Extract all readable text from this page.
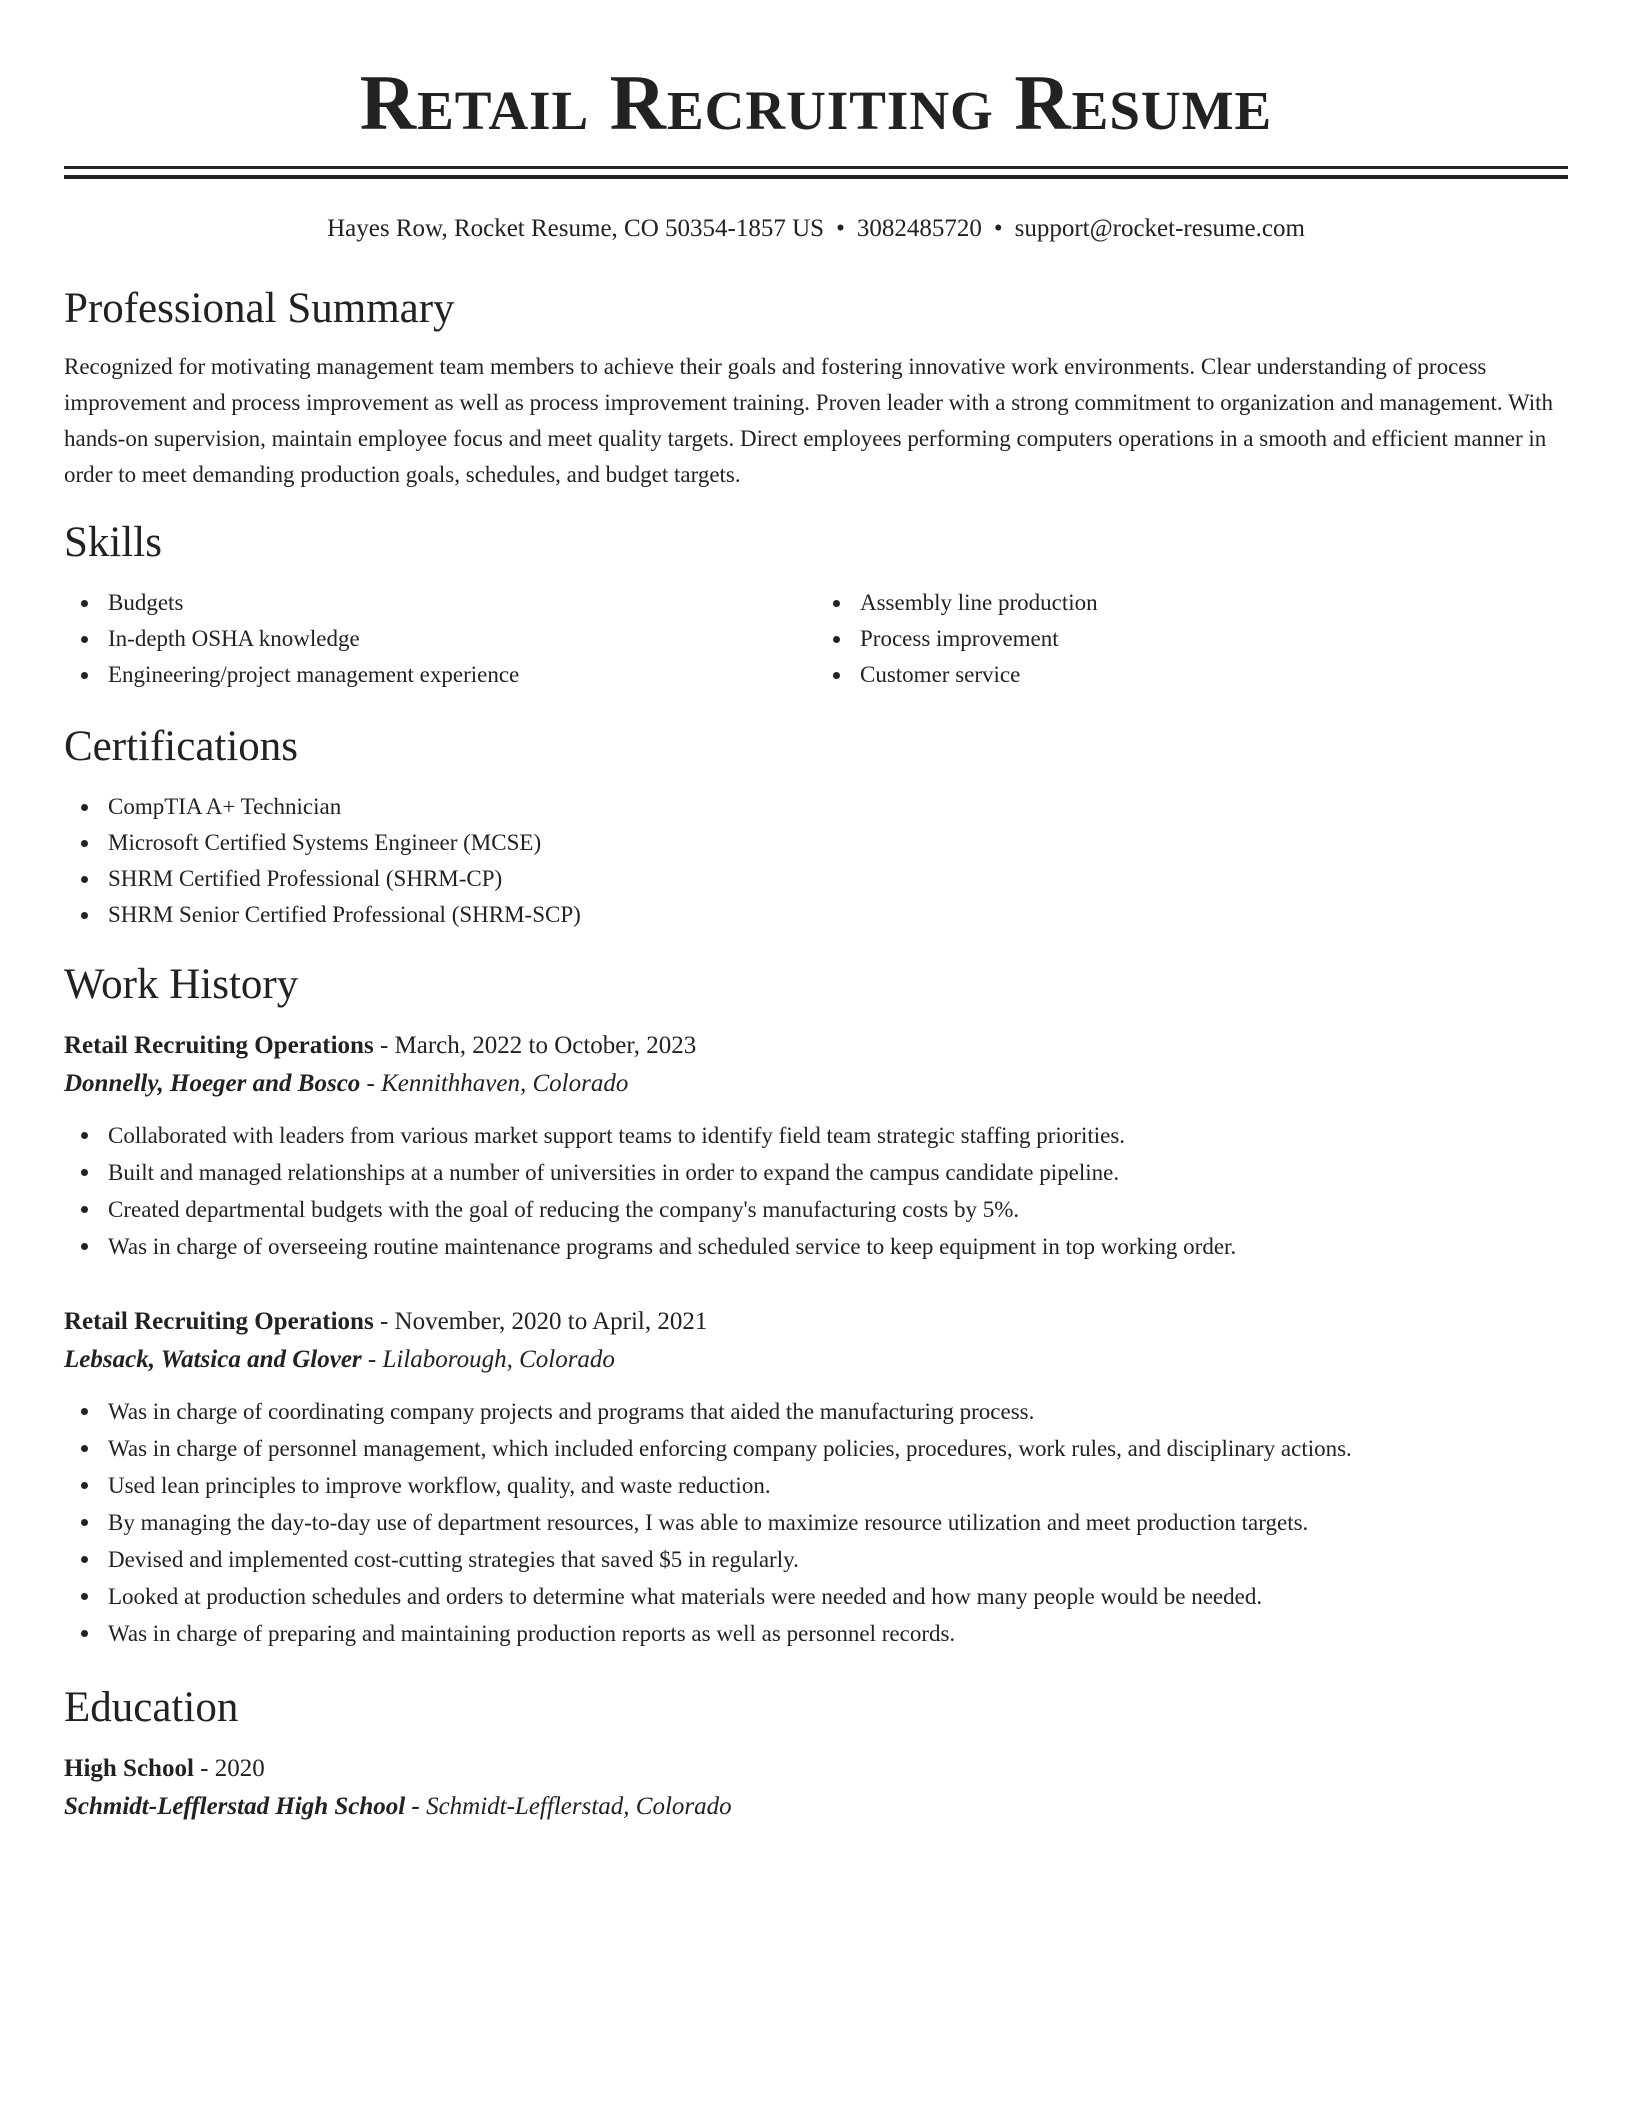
Retail Recruiting Resume
Hayes Row, Rocket Resume, CO 50354-1857 US • 3082485720 • support@rocket-resume.com
Professional Summary

Recognized for motivating management team members to achieve their goals and fostering innovative work environments. Clear understanding of process improvement and process improvement as well as process improvement training. Proven leader with a strong commitment to organization and management. With hands-on supervision, maintain employee focus and meet quality targets. Direct employees performing computers operations in a smooth and efficient manner in order to meet demanding production goals, schedules, and budget targets.

Skills
Budgets
In-depth OSHA knowledge
Engineering/project management experience
Assembly line production
Process improvement
Customer service
Certifications
CompTIA A+ Technician
Microsoft Certified Systems Engineer (MCSE)
SHRM Certified Professional (SHRM-CP)
SHRM Senior Certified Professional (SHRM-SCP)
Work History
Retail Recruiting Operations - March, 2022 to October, 2023
Donnelly, Hoeger and Bosco - Kennithhaven, Colorado
Collaborated with leaders from various market support teams to identify field team strategic staffing priorities.
Built and managed relationships at a number of universities in order to expand the campus candidate pipeline.
Created departmental budgets with the goal of reducing the company's manufacturing costs by 5%.
Was in charge of overseeing routine maintenance programs and scheduled service to keep equipment in top working order.
Retail Recruiting Operations - November, 2020 to April, 2021
Lebsack, Watsica and Glover - Lilaborough, Colorado
Was in charge of coordinating company projects and programs that aided the manufacturing process.
Was in charge of personnel management, which included enforcing company policies, procedures, work rules, and disciplinary actions.
Used lean principles to improve workflow, quality, and waste reduction.
By managing the day-to-day use of department resources, I was able to maximize resource utilization and meet production targets.
Devised and implemented cost-cutting strategies that saved $5 in regularly.
Looked at production schedules and orders to determine what materials were needed and how many people would be needed.
Was in charge of preparing and maintaining production reports as well as personnel records.
Education
High School - 2020
Schmidt-Lefflerstad High School - Schmidt-Lefflerstad, Colorado
